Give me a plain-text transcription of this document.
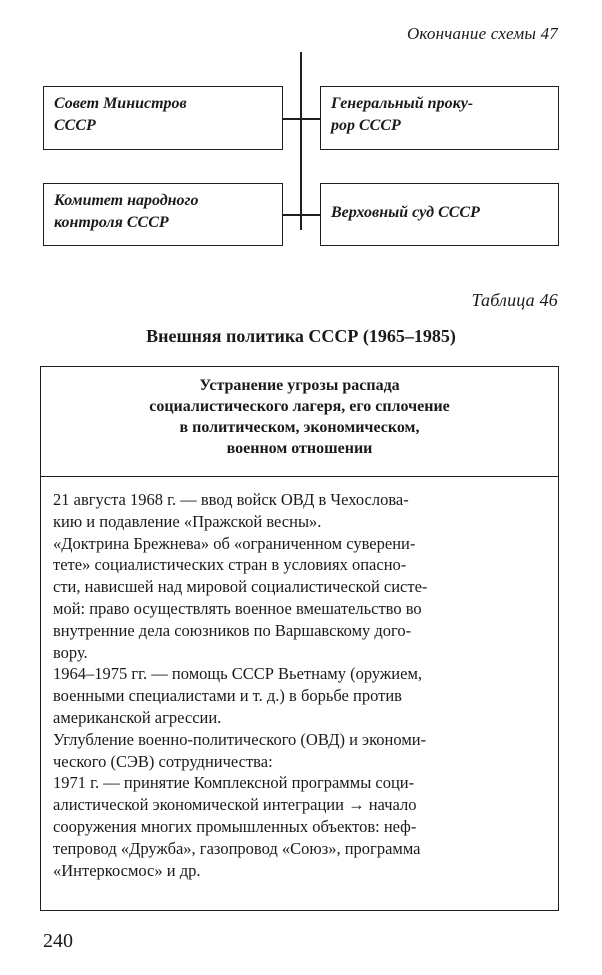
Окончание схемы 47
Совет Министров
СССР
Генеральный проку-
рор СССР
Комитет народного
контроля СССР
Верховный суд СССР
Таблица 46
Внешняя политика СССР (1965–1985)
Устранение угрозы распада
социалистического лагеря, его сплочение
в политическом, экономическом,
военном отношении

21 августа 1968 г. — ввод войск ОВД в Чехослова-

кию и подавление «Пражской весны».

«Доктрина Брежнева» об «ограниченном суверени-

тете» социалистических стран в условиях опасно-

сти, нависшей над мировой социалистической систе-

мой: право осуществлять военное вмешательство во

внутренние дела союзников по Варшавскому дого-

вору.

1964–1975 гг. — помощь СССР Вьетнаму (оружием,

военными специалистами и т. д.) в борьбе против

американской агрессии.

Углубление военно-политического (ОВД) и экономи-

ческого (СЭВ) сотрудничества:

1971 г. — принятие Комплексной программы соци-

алистической экономической интеграции → начало

сооружения многих промышленных объектов: неф-

тепровод «Дружба», газопровод «Союз», программа

«Интеркосмос» и др.

240
